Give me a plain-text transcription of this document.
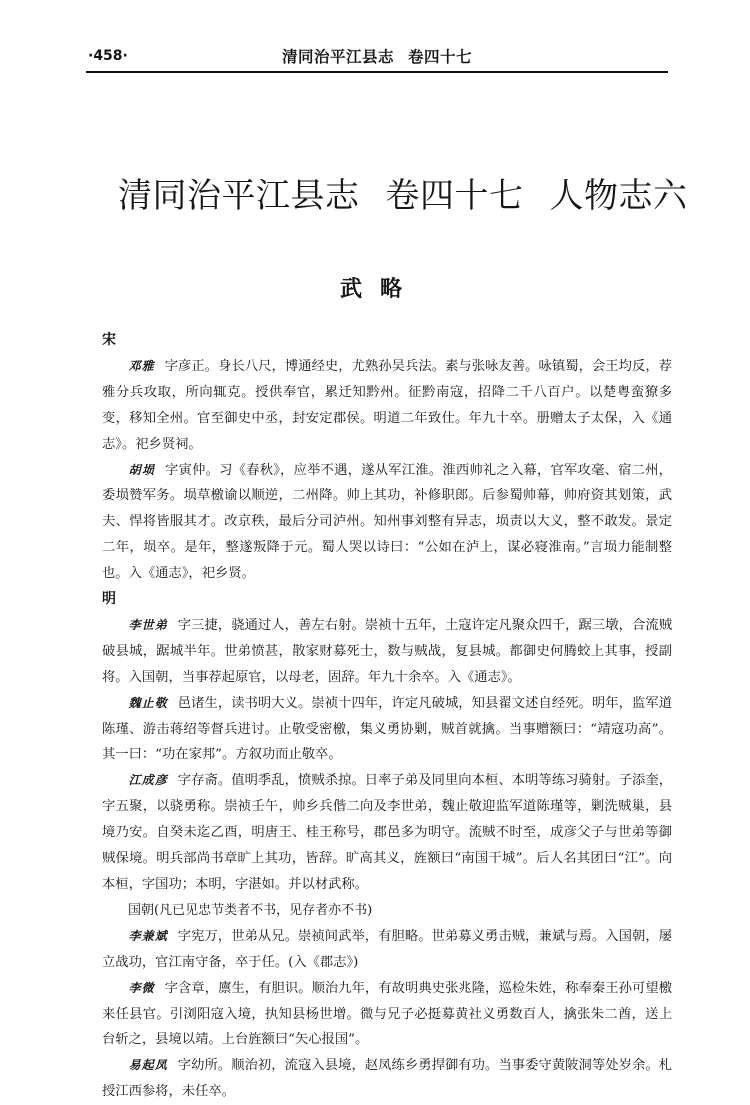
·458·	清同治平江县志 卷四十七
清同治平江县志 卷四十七 人物志六
武略

宋

邓雅 字彦正。身长八尺，博通经史，尤熟孙吴兵法。素与张咏友善。咏镇蜀，会王均反，荐雅分兵攻取，所向辄克。授供奉官，累迁知黔州。征黔南寇，招降二千八百户。以楚粤蛮獠多变，移知全州。官至御史中丞，封安定郡侯。明道二年致仕。年九十卒。册赠太子太保，入《通志》。祀乡贤祠。

胡埙 字寅仲。习《春秋》，应举不遇，遂从军江淮。淮西帅礼之入幕，官军攻毫、宿二州，委埙赞军务。埙草檄谕以顺逆，二州降。帅上其功，补修职郎。后参蜀帅幕，帅府资其划策，武夫、悍将皆服其才。改京秩，最后分司泸州。知州事刘整有异志，埙责以大义，整不敢发。景定二年，埙卒。是年，整遂叛降于元。蜀人哭以诗曰：“公如在泸上，谋必寝淮南。”言埙力能制整也。入《通志》，祀乡贤。

明

李世弟 字三捷，骁通过人，善左右射。崇祯十五年，土寇许定凡聚众四千，踞三墩，合流贼破县城，踞城半年。世弟愤甚，散家财募死士，数与贼战，复县城。都御史何腾蛟上其事，授副将。入国朝，当事荐起原官，以母老，固辞。年九十余卒。入《通志》。

魏止敬 邑诸生，读书明大义。崇祯十四年，许定凡破城，知县翟文述自经死。明年，监军道陈瑾、游击蒋绍等督兵进讨。止敬受密檄，集义勇协剿，贼首就擒。当事赠额曰：“靖寇功高”。其一曰：“功在家邦”。方叙功而止敬卒。

江成彦 字存斋。值明季乱，愤贼杀掠。日率子弟及同里向本桓、本明等练习骑射。子添奎，字五聚，以骁勇称。崇祯壬午，帅乡兵偕二向及李世弟，魏止敬迎监军道陈瑾等，剿洗贼巢，县境乃安。自癸未迄乙酉，明唐王、桂王称号，郡邑多为明守。流贼不时至，成彦父子与世弟等御贼保境。明兵部尚书章旷上其功，皆辞。旷高其义，旌额曰“南国干城”。后人名其团曰“江”。向本桓，字国功；本明，字湛如。并以材武称。

国朝(凡已见忠节类者不书，见存者亦不书)

李兼斌 字宪万，世弟从兄。崇祯间武举，有胆略。世弟募义勇击贼，兼斌与焉。入国朝，屡立战功，官江南守备，卒于任。(入《郡志》)

李微 字含章，廪生，有胆识。顺治九年，有故明典史张兆隆，巡检朱姓，称奉秦王孙可望檄来任县官。引浏阳寇入境，执知县杨世增。微与兄子必挺募黄社义勇数百人，擒张朱二酋，送上台斩之，县境以靖。上台旌额曰“矢心报国”。

易起凤 字幼所。顺治初，流寇入县境，赵凤练乡勇捍御有功。当事委守黄陂洞等处岁余。札授江西参将，未任卒。
